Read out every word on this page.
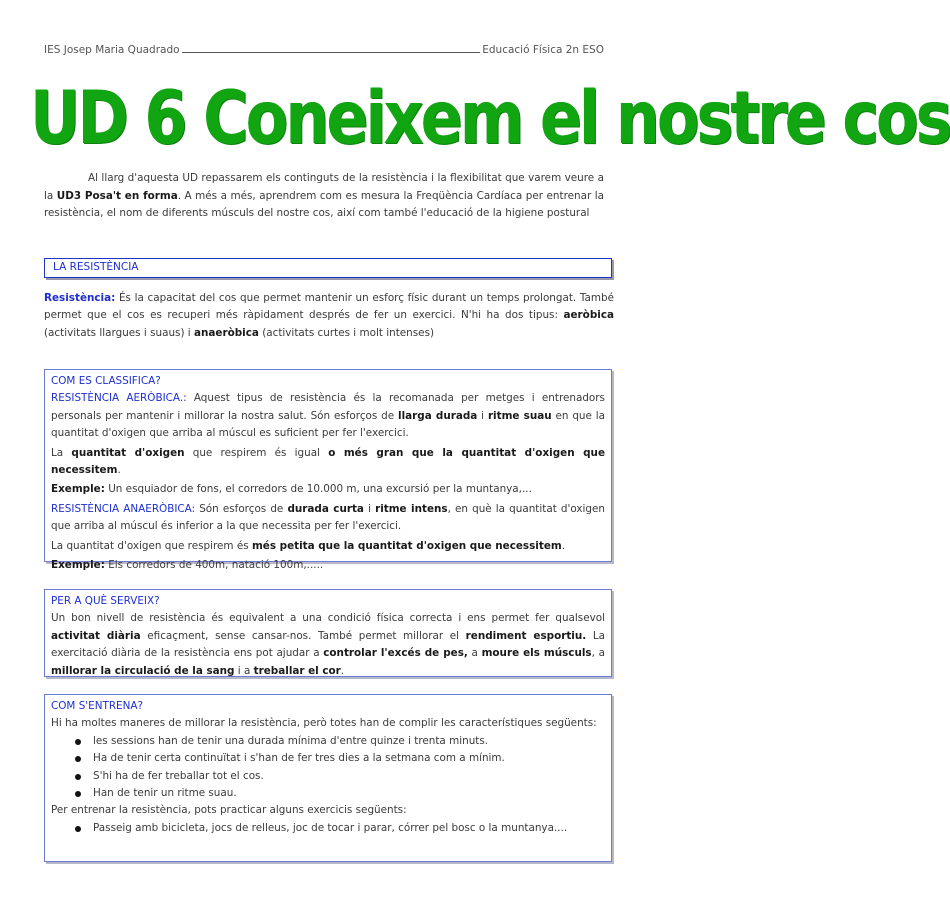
IES Josep Maria Quadrado	Educació Física 2n ESO
UD 6 Coneixem el nostre cos
Al llarg d'aquesta UD repassarem els continguts de la resistència i la flexibilitat que varem veure a la UD3 Posa't en forma. A més a més, aprendrem com es mesura la Freqüència Cardíaca per entrenar la resistència, el nom de diferents músculs del nostre cos, així com també l'educació de la higiene postural
LA RESISTÈNCIA
Resistència: És la capacitat del cos que permet mantenir un esforç físic durant un temps prolongat. També permet que el cos es recuperi més ràpidament després de fer un exercici. N'hi ha dos tipus: aeròbica (activitats llargues i suaus) i anaeròbica (activitats curtes i molt intenses)

COM ES CLASSIFICA?

RESISTÈNCIA AERÒBICA.: Aquest tipus de resistència és la recomanada per metges i entrenadors personals per mantenir i millorar la nostra salut. Són esforços de llarga durada i ritme suau en que la quantitat d'oxigen que arriba al múscul es suficient per fer l'exercici.

La quantitat d'oxigen que respirem és igual o més gran que la quantitat d'oxigen que necessitem.

Exemple: Un esquiador de fons, el corredors de 10.000 m, una excursió per la muntanya,...

RESISTÈNCIA ANAERÒBICA: Són esforços de durada curta i ritme intens, en què la quantitat d'oxigen que arriba al múscul és inferior a la que necessita per fer l'exercici.

La quantitat d'oxigen que respirem és més petita que la quantitat d'oxigen que necessitem.

Exemple: Els corredors de 400m, natació 100m,.....

PER A QUÈ SERVEIX?

Un bon nivell de resistència és equivalent a una condició física correcta i ens permet fer qualsevol activitat diària eficaçment, sense cansar-nos. També permet millorar el rendiment esportiu. La exercitació diària de la resistència ens pot ajudar a controlar l'excés de pes, a moure els músculs, a millorar la circulació de la sang i a treballar el cor.

COM S'ENTRENA?

Hi ha moltes maneres de millorar la resistència, però totes han de complir les característiques següents:

les sessions han de tenir una durada mínima d'entre quinze i trenta minuts.
Ha de tenir certa continuïtat i s'han de fer tres dies a la setmana com a mínim.
S'hi ha de fer treballar tot el cos.
Han de tenir un ritme suau.

Per entrenar la resistència, pots practicar alguns exercicis següents:

Passeig amb bicicleta, jocs de relleus, joc de tocar i parar, córrer pel bosc o la muntanya....
